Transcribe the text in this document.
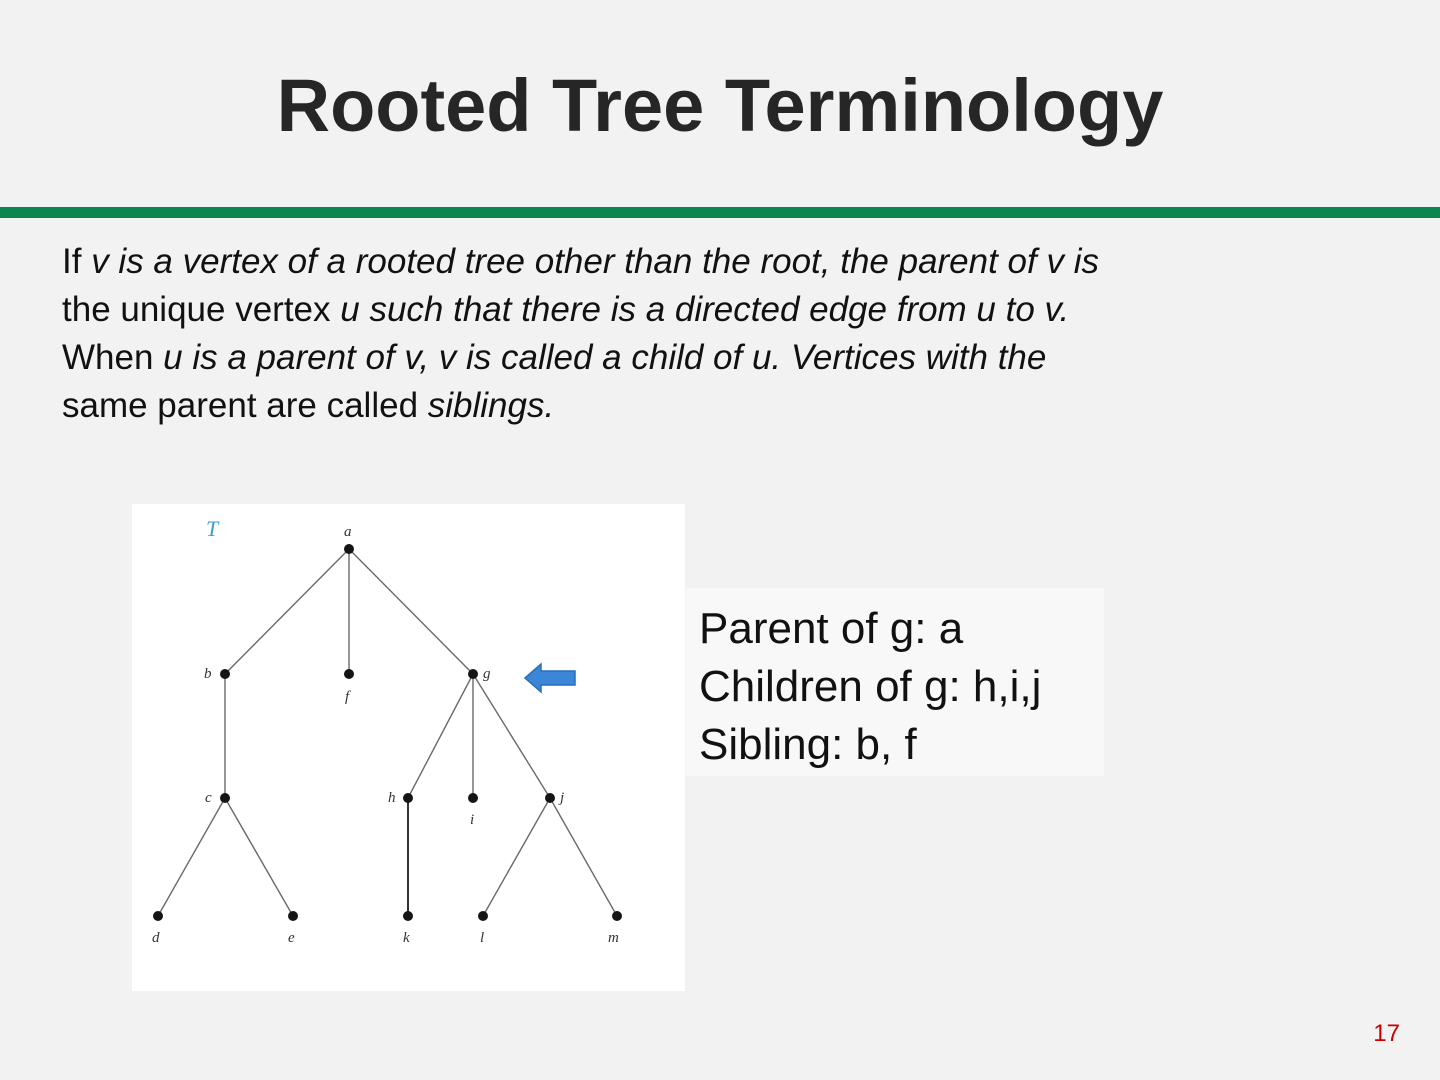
Rooted Tree Terminology

If v is a vertex of a rooted tree other than the root, the parent of v is
the unique vertex u such that there is a directed edge from u to v.
When u is a parent of v, v is called a child of u. Vertices with the
same parent are called siblings.

T	a
b
f
g
c	h
i
j
d	e	k	l	m
Parent of g: a
Children of g: h,i,j
Sibling: b, f
17
